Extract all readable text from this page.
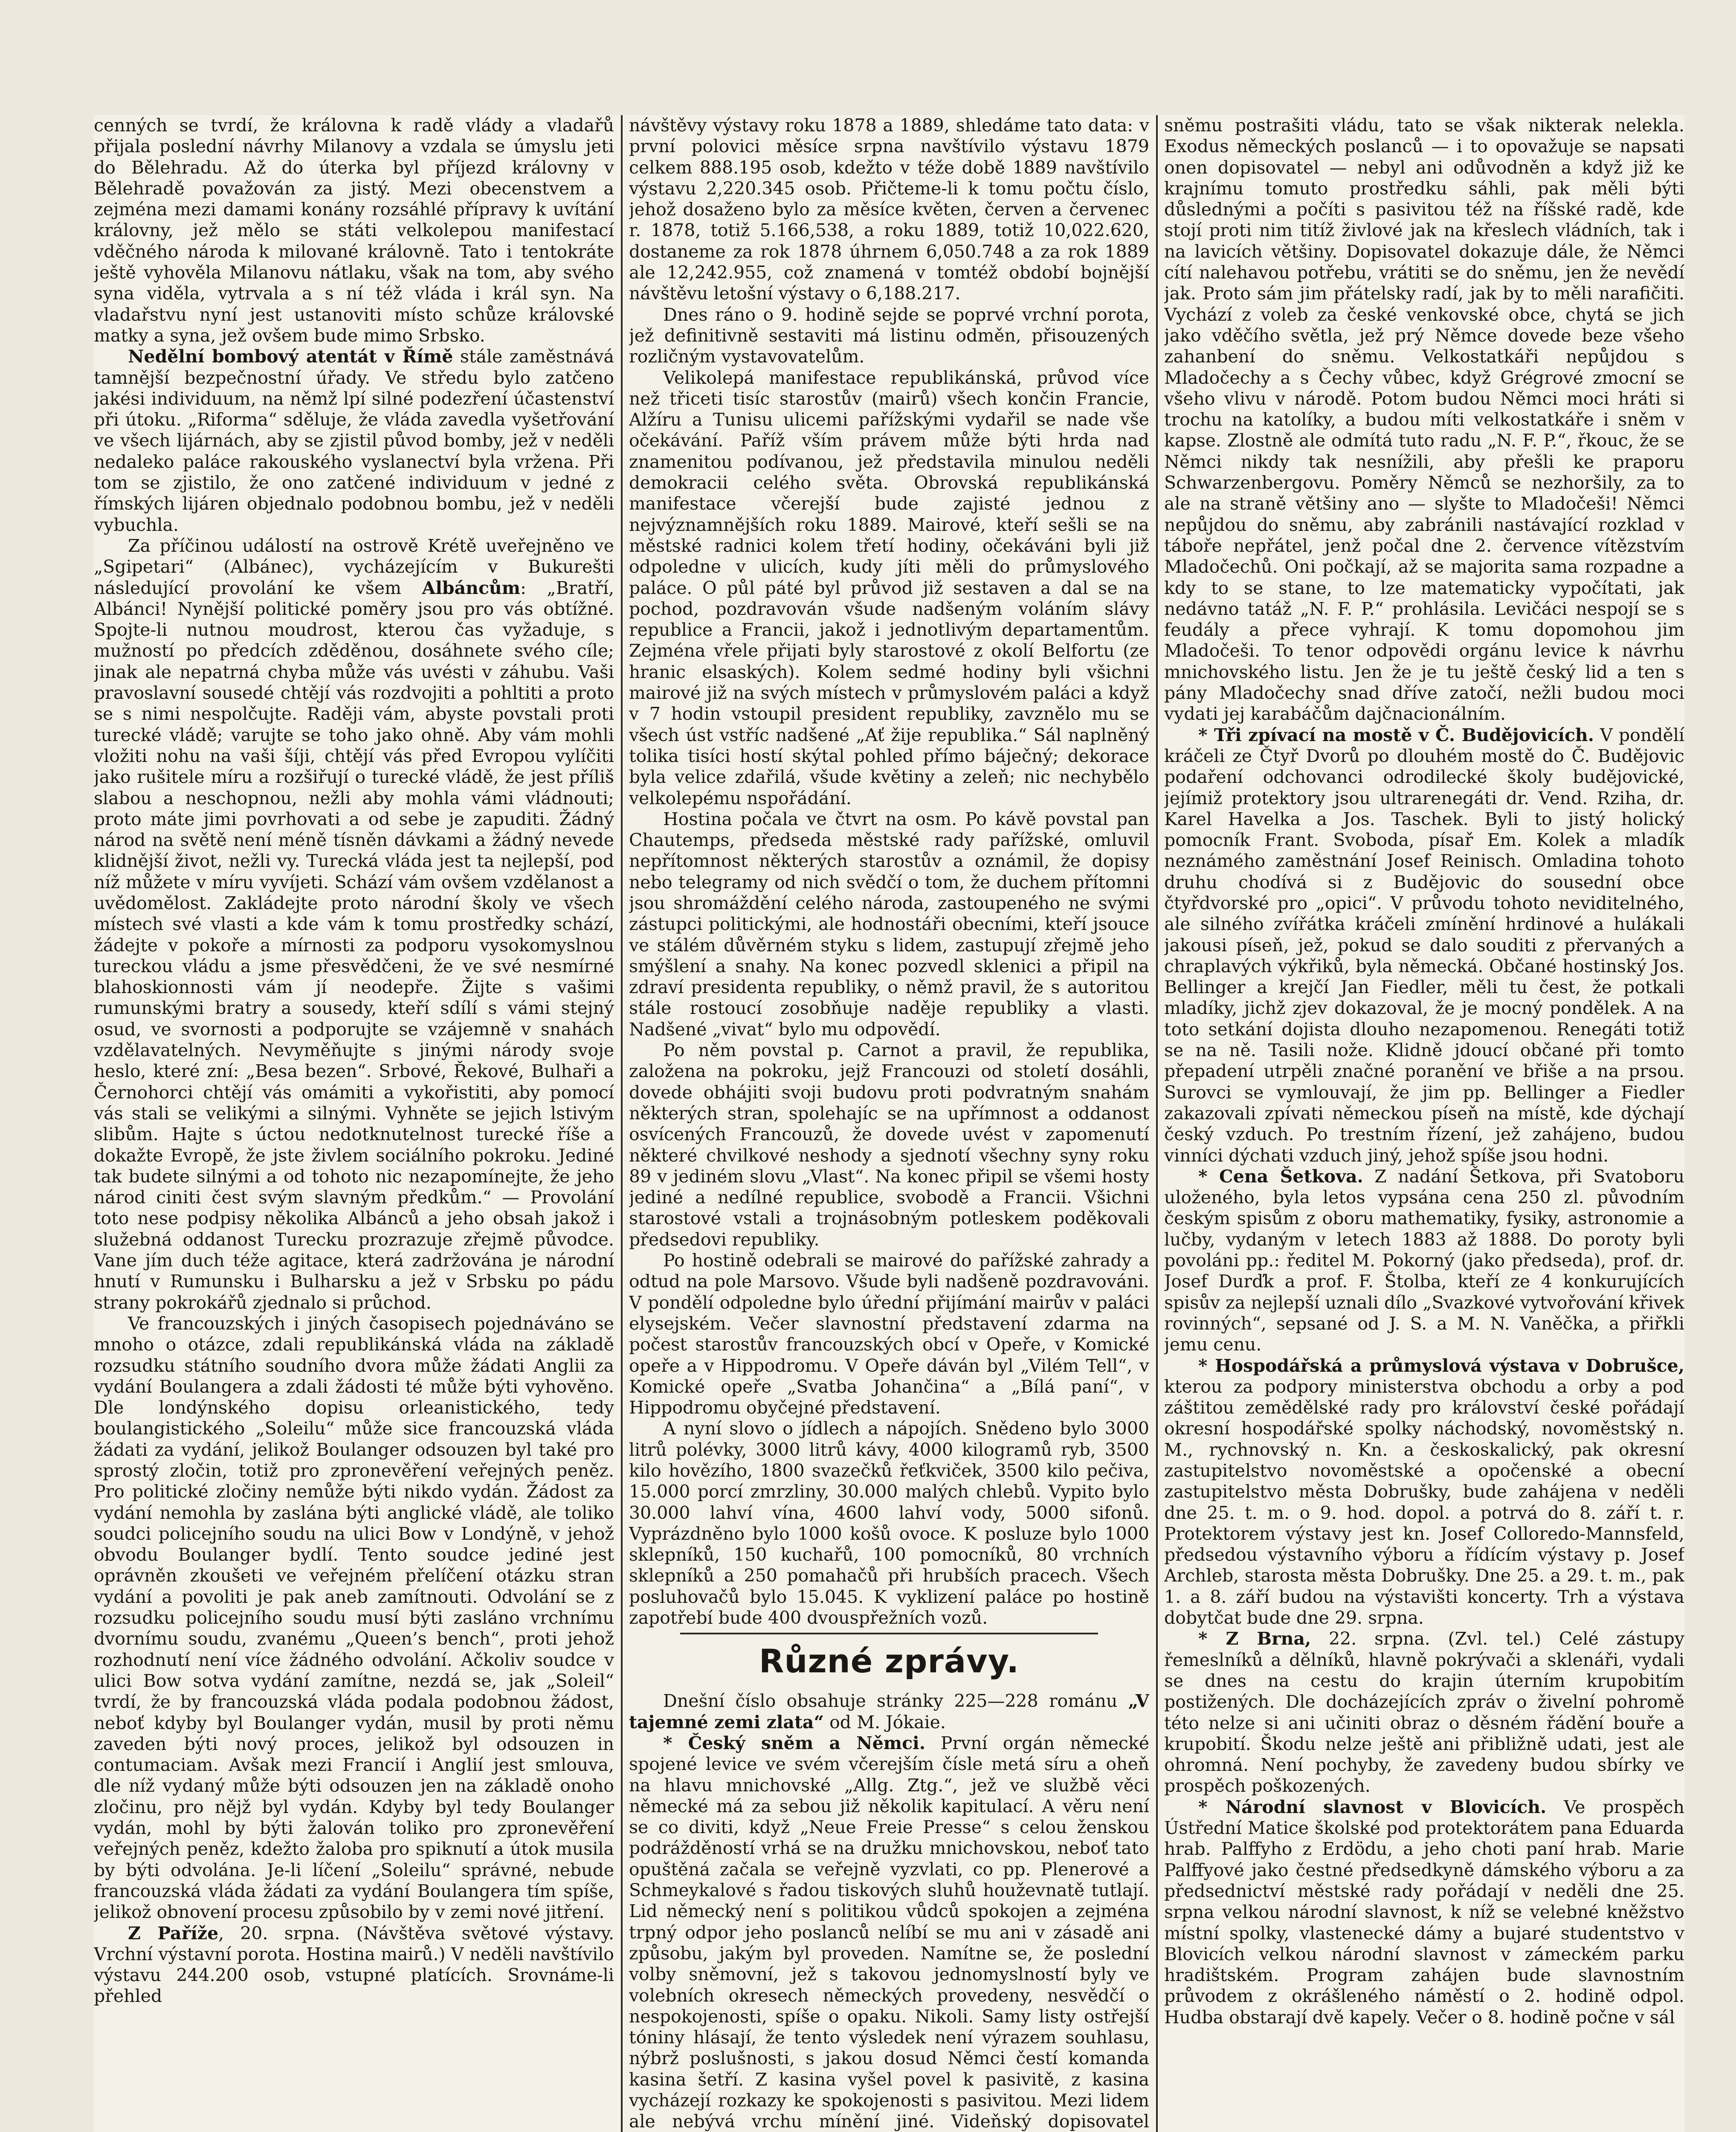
cenných se tvrdí, že královna k radě vlády a vladařů přijala poslední návrhy Milanovy a vzdala se úmyslu jeti do Bělehradu. Až do úterka byl příjezd královny v Bělehradě považován za jistý. Mezi obecenstvem a zejména mezi damami konány rozsáhlé přípravy k uvítání královny, jež mělo se státi velkolepou manifestací vděčného národa k milované královně. Tato i tentokráte ještě vyhověla Milanovu nátlaku, však na tom, aby svého syna viděla, vytrvala a s ní též vláda i král syn. Na vladařstvu nyní jest ustanoviti místo schůze královské matky a syna, jež ovšem bude mimo Srbsko.

Nedělní bombový atentát v Římě stále zaměstnává tamnější bezpečnostní úřady. Ve středu bylo zatčeno jakési individuum, na němž lpí silné podezření účastenství při útoku. „Riforma“ sděluje, že vláda zavedla vyšetřování ve všech lijárnách, aby se zjistil původ bomby, jež v neděli nedaleko paláce rakouského vyslanectví byla vržena. Při tom se zjistilo, že ono zatčené individuum v jedné z římských lijáren objednalo podobnou bombu, jež v neděli vybuchla.

Za příčinou událostí na ostrově Krétě uveřejněno ve „Sgipetari“ (Albánec), vycházejícím v Bukurešti následující provolání ke všem Albáncům: „Bratří, Albánci! Nynější politické poměry jsou pro vás obtížné. Spojte-li nutnou moudrost, kterou čas vyžaduje, s mužností po předcích zděděnou, dosáhnete svého cíle; jinak ale nepatrná chyba může vás uvésti v záhubu. Vaši pravoslavní sousedé chtějí vás rozdvojiti a pohltiti a proto se s nimi nespolčujte. Raději vám, abyste povstali proti turecké vládě; varujte se toho jako ohně. Aby vám mohli vložiti nohu na vaši šíji, chtějí vás před Evropou vylíčiti jako rušitele míru a rozšiřují o turecké vládě, že jest příliš slabou a neschopnou, nežli aby mohla vámi vládnouti; proto máte jimi povrhovati a od sebe je zapuditi. Žádný národ na světě není méně tísněn dávkami a žádný nevede klidnější život, nežli vy. Turecká vláda jest ta nejlepší, pod níž můžete v míru vyvíjeti. Schází vám ovšem vzdělanost a uvědomělost. Zakládejte proto národní školy ve všech místech své vlasti a kde vám k tomu prostředky schází, žádejte v pokoře a mírnosti za podporu vysokomyslnou tureckou vládu a jsme přesvědčeni, že ve své nesmírné blahoskionnosti vám jí neodepře. Žijte s vašimi rumunskými bratry a sousedy, kteří sdílí s vámi stejný osud, ve svornosti a podporujte se vzájemně v snahách vzdělavatelných. Nevyměňujte s jinými národy svoje heslo, které zní: „Besa bezen“. Srbové, Řekové, Bulhaři a Černohorci chtějí vás omámiti a vykořistiti, aby pomocí vás stali se velikými a silnými. Vyhněte se jejich lstivým slibům. Hajte s úctou nedotknutelnost turecké říše a dokažte Evropě, že jste živlem sociálního pokroku. Jediné tak budete silnými a od tohoto nic nezapomínejte, že jeho národ ciniti čest svým slavným předkům.“ — Provolání toto nese podpisy několika Albánců a jeho obsah jakož i služebná oddanost Turecku prozrazuje zřejmě původce. Vane jím duch téže agitace, která zadržována je národní hnutí v Rumunsku i Bulharsku a jež v Srbsku po pádu strany pokrokářů zjednalo si průchod.

Ve francouzských i jiných časopisech pojednáváno se mnoho o otázce, zdali republikánská vláda na základě rozsudku státního soudního dvora může žádati Anglii za vydání Boulangera a zdali žádosti té může býti vyhověno. Dle londýnského dopisu orleanistického, tedy boulangistického „Soleilu“ může sice francouzská vláda žádati za vydání, jelikož Boulanger odsouzen byl také pro sprostý zločin, totiž pro zpronevěření veřejných peněz. Pro politické zločiny nemůže býti nikdo vydán. Žádost za vydání nemohla by zaslána býti anglické vládě, ale toliko soudci policejního soudu na ulici Bow v Londýně, v jehož obvodu Boulanger bydlí. Tento soudce jediné jest oprávněn zkoušeti ve veřejném přelíčení otázku stran vydání a povoliti je pak aneb zamítnouti. Odvolání se z rozsudku policejního soudu musí býti zasláno vrchnímu dvornímu soudu, zvanému „Queen’s bench“, proti jehož rozhodnutí není více žádného odvolání. Ačkoliv soudce v ulici Bow sotva vydání zamítne, nezdá se, jak „Soleil“ tvrdí, že by francouzská vláda podala podobnou žádost, neboť kdyby byl Boulanger vydán, musil by proti němu zaveden býti nový proces, jelikož byl odsouzen in contumaciam. Avšak mezi Francií i Anglií jest smlouva, dle níž vydaný může býti odsouzen jen na základě onoho zločinu, pro nějž byl vydán. Kdyby byl tedy Boulanger vydán, mohl by býti žalován toliko pro zpronevěření veřejných peněz, kdežto žaloba pro spiknutí a útok musila by býti odvolána. Je-li líčení „Soleilu“ správné, nebude francouzská vláda žádati za vydání Boulangera tím spíše, jelikož obnovení procesu způsobilo by v zemi nové jitření.

Z Paříže, 20. srpna. (Návštěva světové výstavy. Vrchní výstavní porota. Hostina mairů.) V neděli navštívilo výstavu 244.200 osob, vstupné platících. Srovnáme-li přehled

návštěvy výstavy roku 1878 a 1889, shledáme tato data: v první polovici měsíce srpna navštívilo výstavu 1879 celkem 888.195 osob, kdežto v téže době 1889 navštívilo výstavu 2,220.345 osob. Přičteme-li k tomu počtu číslo, jehož dosaženo bylo za měsíce květen, červen a červenec r. 1878, totiž 5.166,538, a roku 1889, totiž 10,022.620, dostaneme za rok 1878 úhrnem 6,050.748 a za rok 1889 ale 12,242.955, což znamená v tomtéž období bojnější návštěvu letošní výstavy o 6,188.217.

Dnes ráno o 9. hodině sejde se poprvé vrchní porota, jež definitivně sestaviti má listinu odměn, přisouzených rozličným vystavovatelům.

Velikolepá manifestace republikánská, průvod více než třiceti tisíc starostův (mairů) všech končin Francie, Alžíru a Tunisu ulicemi pařížskými vydařil se nade vše očekávání. Paříž vším právem může býti hrda nad znamenitou podívanou, jež představila minulou neděli demokracii celého světa. Obrovská republikánská manifestace včerejší bude zajisté jednou z nejvýznamnějších roku 1889. Mairové, kteří sešli se na městské radnici kolem třetí hodiny, očekáváni byli již odpoledne v ulicích, kudy jíti měli do průmyslového paláce. O půl páté byl průvod již sestaven a dal se na pochod, pozdravován všude nadšeným voláním slávy republice a Francii, jakož i jednotlivým departamentům. Zejména vřele přijati byly starostové z okolí Belfortu (ze hranic elsaských). Kolem sedmé hodiny byli všichni mairové již na svých místech v průmyslovém paláci a když v 7 hodin vstoupil president republiky, zavznělo mu se všech úst vstříc nadšené „Ať žije republika.“ Sál naplněný tolika tisíci hostí skýtal pohled přímo báječný; dekorace byla velice zdařilá, všude květiny a zeleň; nic nechybělo velkolepému nspořádání.

Hostina počala ve čtvrt na osm. Po kávě povstal pan Chautemps, předseda městské rady pařížské, omluvil nepřítomnost některých starostův a oznámil, že dopisy nebo telegramy od nich svědčí o tom, že duchem přítomni jsou shromáždění celého národa, zastoupeného ne svými zástupci politickými, ale hodnostáři obecními, kteří jsouce ve stálém důvěrném styku s lidem, zastupují zřejmě jeho smýšlení a snahy. Na konec pozvedl sklenici a připil na zdraví presidenta republiky, o němž pravil, že s autoritou stále rostoucí zosobňuje naděje republiky a vlasti. Nadšené „vivat“ bylo mu odpovědí.

Po něm povstal p. Carnot a pravil, že republika, založena na pokroku, jejž Francouzi od století dosáhli, dovede obhájiti svoji budovu proti podvratným snahám některých stran, spolehajíc se na upřímnost a oddanost osvícených Francouzů, že dovede uvést v zapomenutí některé chvilkové neshody a sjednotí všechny syny roku 89 v jediném slovu „Vlast“. Na konec připil se všemi hosty jediné a nedílné republice, svobodě a Francii. Všichni starostové vstali a trojnásobným potleskem poděkovali předsedovi republiky.

Po hostině odebrali se mairové do pařížské zahrady a odtud na pole Marsovo. Všude byli nadšeně pozdravováni. V pondělí odpoledne bylo úřední přijímání mairův v paláci elysejském. Večer slavnostní představení zdarma na počest starostův francouzských obcí v Opeře, v Komické opeře a v Hippodromu. V Opeře dáván byl „Vilém Tell“, v Komické opeře „Svatba Johančina“ a „Bílá paní“, v Hippodromu obyčejné představení.

A nyní slovo o jídlech a nápojích. Snědeno bylo 3000 litrů polévky, 3000 litrů kávy, 4000 kilogramů ryb, 3500 kilo hovězího, 1800 svazečků řeťkviček, 3500 kilo pečiva, 15.000 porcí zmrzliny, 30.000 malých chlebů. Vypito bylo 30.000 lahví vína, 4600 lahví vody, 5000 sifonů. Vyprázdněno bylo 1000 košů ovoce. K posluze bylo 1000 sklepníků, 150 kuchařů, 100 pomocníků, 80 vrchních sklepníků a 250 pomahačů při hrubších pracech. Všech posluhovačů bylo 15.045. K vyklizení paláce po hostině zapotřebí bude 400 dvouspřežních vozů.

Různé zprávy.

Dnešní číslo obsahuje stránky 225—228 románu „V tajemné zemi zlata“ od M. Jókaie.

* Český sněm a Němci. První orgán německé spojené levice ve svém včerejším čísle metá síru a oheň na hlavu mnichovské „Allg. Ztg.“, jež ve službě věci německé má za sebou již několik kapitulací. A věru není se co diviti, když „Neue Freie Presse“ s celou ženskou podrážděností vrhá se na družku mnichovskou, neboť tato opuštěná začala se veřejně vyzvlati, co pp. Plenerové a Schmeykalové s řadou tiskových sluhů houževnatě tutlají. Lid německý není s politikou vůdců spokojen a zejména trpný odpor jeho poslanců nelíbí se mu ani v zásadě ani způsobu, jakým byl proveden. Namítne se, že poslední volby sněmovní, jež s takovou jednomyslností byly ve volebních okresech německých provedeny, nesvědčí o nespokojenosti, spíše o opaku. Nikoli. Samy listy ostřejší tóniny hlásají, že tento výsledek není výrazem souhlasu, nýbrž poslušnosti, s jakou dosud Němci čestí komanda kasina šetří. Z kasina vyšel povel k pasivitě, z kasina vycházejí rozkazy ke spokojenosti s pasivitou. Mezi lidem ale nebývá vrchu mínění jiné. Videňský dopisovatel

sněmu postrašiti vládu, tato se však nikterak nelekla. Exodus německých poslanců — i to opovažuje se napsati onen dopisovatel — nebyl ani odůvodněn a když již ke krajnímu tomuto prostředku sáhli, pak měli býti důslednými a počíti s pasivitou též na říšské radě, kde stojí proti nim titíž živlové jak na křeslech vládních, tak i na lavicích většiny. Dopisovatel dokazuje dále, že Němci cítí nalehavou potřebu, vrátiti se do sněmu, jen že nevědí jak. Proto sám jim přátelsky radí, jak by to měli narafičiti. Vychází z voleb za české venkovské obce, chytá se jich jako vděčího světla, jež prý Němce dovede beze všeho zahanbení do sněmu. Velkostatkáři nepůjdou s Mladočechy a s Čechy vůbec, když Grégrové zmocní se všeho vlivu v národě. Potom budou Němci moci hráti si trochu na katolíky, a budou míti velkostatkáře i sněm v kapse. Zlostně ale odmítá tuto radu „N. F. P.“, řkouc, že se Němci nikdy tak nesnížili, aby přešli ke praporu Schwarzenbergovu. Poměry Němců se nezhoršily, za to ale na straně většiny ano — slyšte to Mladočeši! Němci nepůjdou do sněmu, aby zabránili nastávající rozklad v táboře nepřátel, jenž počal dne 2. července vítězstvím Mladočechů. Oni počkají, až se majorita sama rozpadne a kdy to se stane, to lze matematicky vypočítati, jak nedávno tatáž „N. F. P.“ prohlásila. Levičáci nespojí se s feudály a přece vyhrají. K tomu dopomohou jim Mladočeši. To tenor odpovědi orgánu levice k návrhu mnichovského listu. Jen že je tu ještě český lid a ten s pány Mladočechy snad dříve zatočí, nežli budou moci vydati jej karabáčům dajčnacionálním.

* Tři zpívací na mostě v Č. Budějovicích. V pondělí kráčeli ze Čtyř Dvorů po dlouhém mostě do Č. Budějovic podaření odchovanci odrodilecké školy budějovické, jejímiž protektory jsou ultrarenegáti dr. Vend. Rziha, dr. Karel Havelka a Jos. Taschek. Byli to jistý holický pomocník Frant. Svoboda, písař Em. Kolek a mladík neznámého zaměstnání Josef Reinisch. Omladina tohoto druhu chodívá si z Budějovic do sousední obce čtyřdvorské pro „opici“. V průvodu tohoto neviditelného, ale silného zvířátka kráčeli zmínění hrdinové a hulákali jakousi píseň, jež, pokud se dalo souditi z přervaných a chraplavých výkřiků, byla německá. Občané hostinský Jos. Bellinger a krejčí Jan Fiedler, měli tu čest, že potkali mladíky, jichž zjev dokazoval, že je mocný pondělek. A na toto setkání dojista dlouho nezapomenou. Renegáti totiž se na ně. Tasili nože. Klidně jdoucí občané při tomto přepadení utrpěli značné poranění ve břiše a na prsou. Surovci se vymlouvají, že jim pp. Bellinger a Fiedler zakazovali zpívati německou píseň na místě, kde dýchají český vzduch. Po trestním řízení, jež zahájeno, budou vinníci dýchati vzduch jiný, jehož spíše jsou hodni.

* Cena Šetkova. Z nadání Šetkova, při Svatoboru uloženého, byla letos vypsána cena 250 zl. původním českým spisům z oboru mathematiky, fysiky, astronomie a lučby, vydaným v letech 1883 až 1888. Do poroty byli povoláni pp.: ředitel M. Pokorný (jako předseda), prof. dr. Josef Durďk a prof. F. Štolba, kteří ze 4 konkurujících spisův za nejlepší uznali dílo „Svazkové vytvořování křivek rovinných“, sepsané od J. S. a M. N. Vaněčka, a přiřkli jemu cenu.

* Hospodářská a průmyslová výstava v Dobrušce, kterou za podpory ministerstva obchodu a orby a pod záštitou zemědělské rady pro království české pořádají okresní hospodářské spolky náchodský, novoměstský n. M., rychnovský n. Kn. a českoskalický, pak okresní zastupitelstvo novoměstské a opočenské a obecní zastupitelstvo města Dobrušky, bude zahájena v neděli dne 25. t. m. o 9. hod. dopol. a potrvá do 8. září t. r. Protektorem výstavy jest kn. Josef Colloredo-Mannsfeld, předsedou výstavního výboru a řídícím výstavy p. Josef Archleb, starosta města Dobrušky. Dne 25. a 29. t. m., pak 1. a 8. září budou na výstavišti koncerty. Trh a výstava dobytčat bude dne 29. srpna.

* Z Brna, 22. srpna. (Zvl. tel.) Celé zástupy řemeslníků a dělníků, hlavně pokrývači a sklenáři, vydali se dnes na cestu do krajin úterním krupobitím postižených. Dle docházejících zpráv o živelní pohromě této nelze si ani učiniti obraz o děsném řádění bouře a krupobití. Škodu nelze ještě ani přibližně udati, jest ale ohromná. Není pochyby, že zavedeny budou sbírky ve prospěch poškozených.

* Národní slavnost v Blovicích. Ve prospěch Ústřední Matice školské pod protektorátem pana Eduarda hrab. Palffyho z Erdödu, a jeho choti paní hrab. Marie Palffyové jako čestné předsedkyně dámského výboru a za předsednictví městské rady pořádají v neděli dne 25. srpna velkou národní slavnost, k níž se velebné kněžstvo místní spolky, vlastenecké dámy a bujaré studentstvo v Blovicích velkou národní slavnost v zámeckém parku hradištském. Program zahájen bude slavnostním průvodem z okrášleného náměstí o 2. hodině odpol. Hudba obstarají dvě kapely. Večer o 8. hodině počne v sál
